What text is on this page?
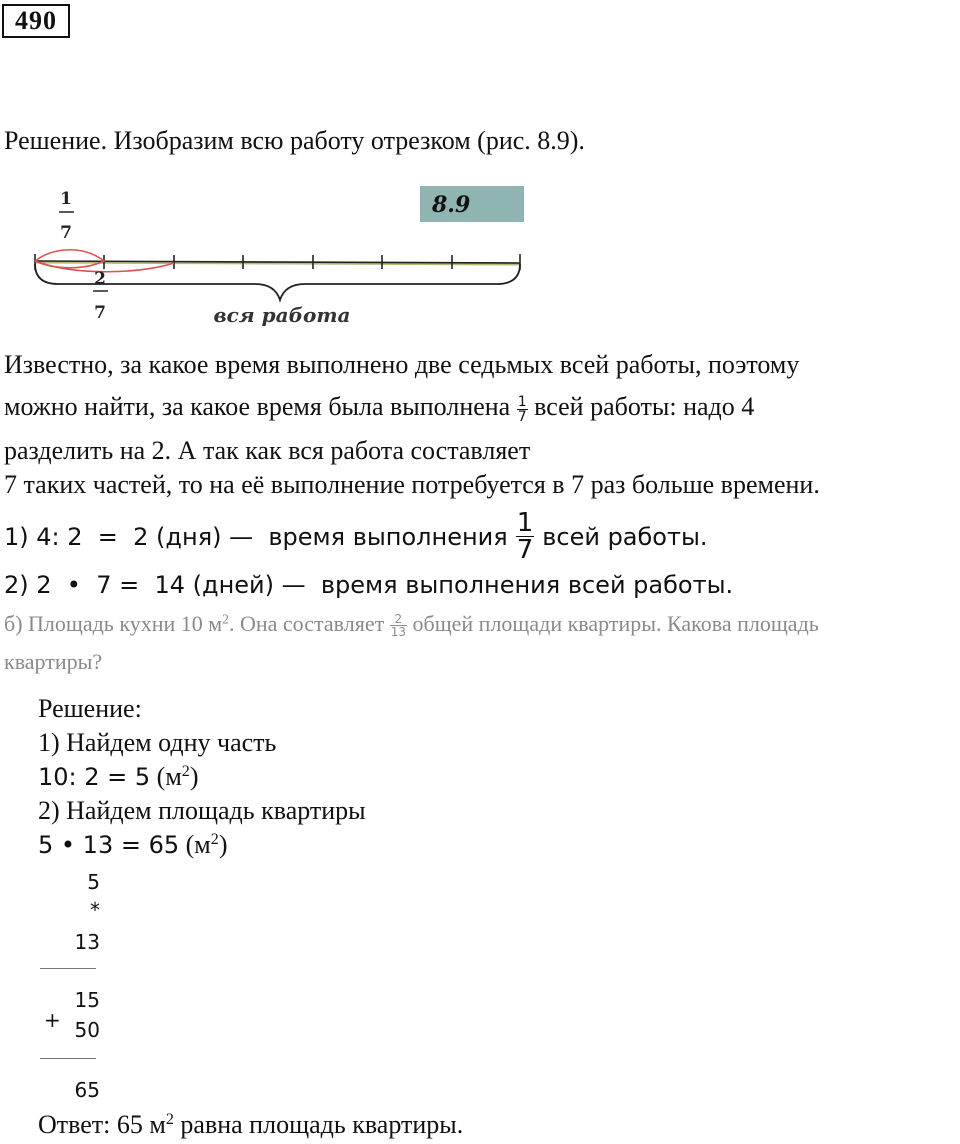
490
Решение. Изобразим всю работу отрезком (рис. 8.9).
8.9
1
7
2
7	вся работа
Известно, за какое время выполнено две седьмых всей работы, поэтому
можно найти, за какое время была выполнена $\frac{1}{7}$ всей работы: надо 4
разделить на 2. А так как вся работа составляет
7 таких частей, то на её выполнение потребуется в 7 раз больше времени.
1) 4: 2  =  2 (дня) —  время выполнения $\frac{1}{7}$ всей работы.
2) 2  •  7 =  14 (дней) —  время выполнения всей работы.
б) Площадь кухни 10 $м^2$. Она составляет $\frac{2}{13}$ общей площади квартиры. Какова площадь
квартиры?
Решение:
1) Найдем одну часть
10: 2 = 5 $(м^2)$
2) Найдем площадь квартиры
5 • 13 = 65 $(м^2)$
5
*
13
15
+ 50
65
Ответ: 65 $м^2$ равна площадь квартиры.
